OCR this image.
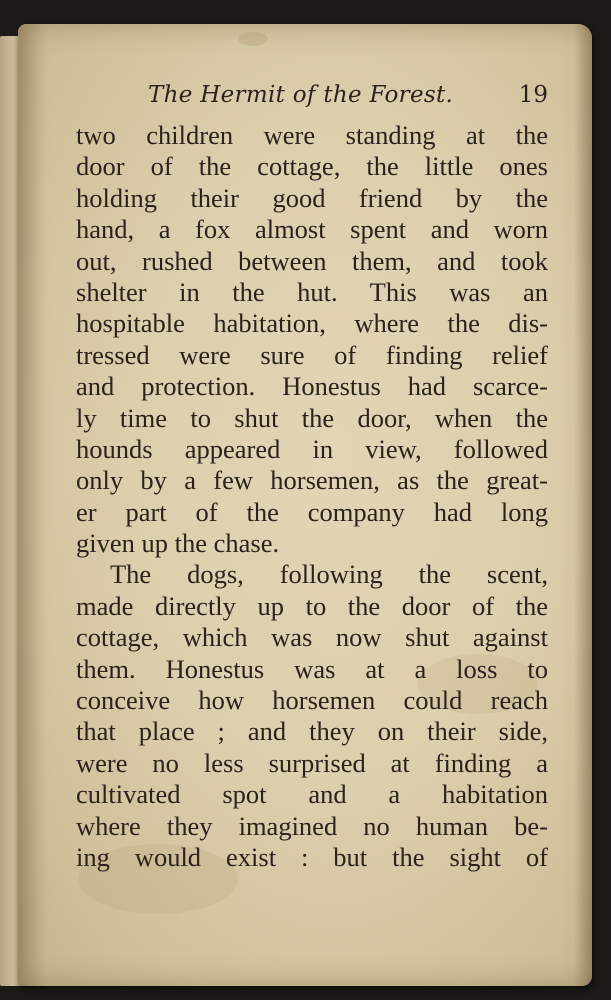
The Hermit of the Forest.	19
two children were standing at the
door of the cottage, the little ones
holding their good friend by the
hand, a fox almost spent and worn
out, rushed between them, and took
shelter in the hut. This was an
hospitable habitation, where the dis-
tressed were sure of finding relief
and protection. Honestus had scarce-
ly time to shut the door, when the
hounds appeared in view, followed
only by a few horsemen, as the great-
er part of the company had long
given up the chase.
The dogs, following the scent,
made directly up to the door of the
cottage, which was now shut against
them. Honestus was at a loss to
conceive how horsemen could reach
that place ; and they on their side,
were no less surprised at finding a
cultivated spot and a habitation
where they imagined no human be-
ing would exist : but the sight of
